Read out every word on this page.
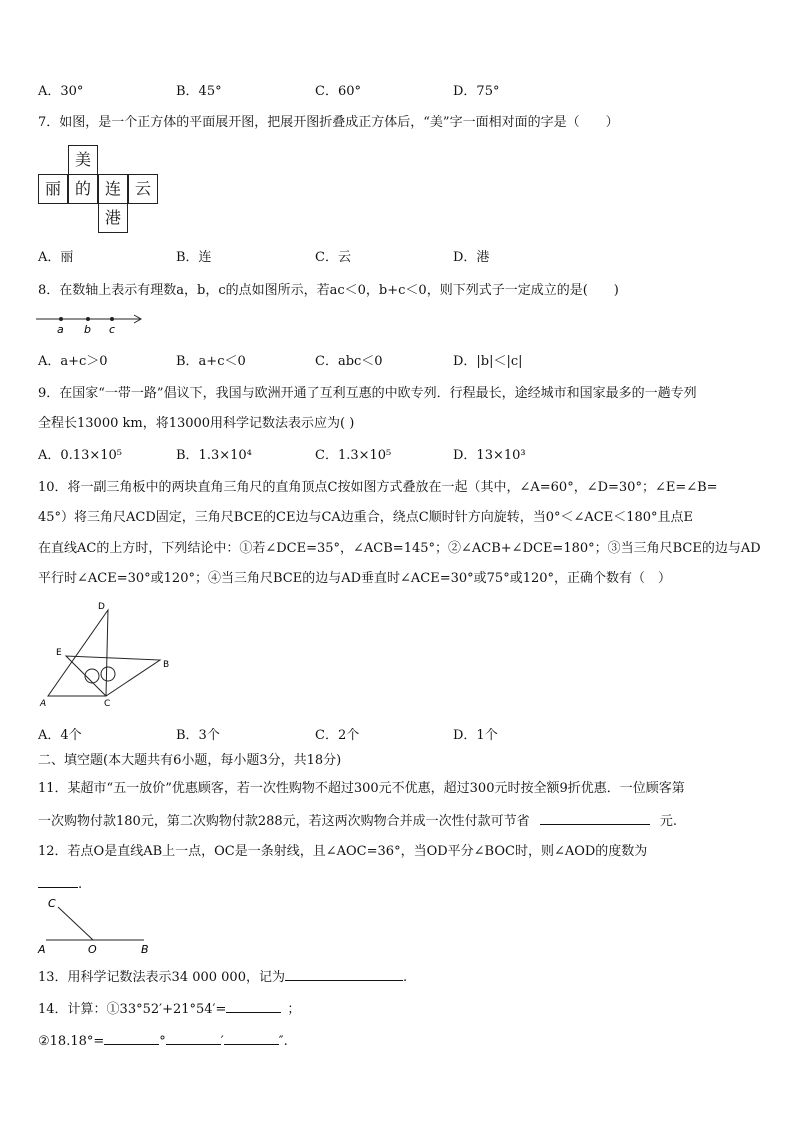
A．30°	B．45°	C．60°	D．75°
7．如图，是一个正方体的平面展开图，把展开图折叠成正方体后，“美”字一面相对面的字是（　　）
美
丽 的 连 云
港
A．丽	B．连	C．云	D．港
8．在数轴上表示有理数a，b，c的点如图所示，若ac＜0，b+c＜0，则下列式子一定成立的是(　　)
a b c
A．a+c＞0	B．a+c＜0	C．abc＜0	D．|b|＜|c|
9．在国家“一带一路”倡议下，我国与欧洲开通了互利互惠的中欧专列．行程最长，途经城市和国家最多的一趟专列
全程长13000 km，将13000用科学记数法表示应为( )
A．0.13×10⁵	B．1.3×10⁴	C．1.3×10⁵	D．13×10³
10．将一副三角板中的两块直角三角尺的直角顶点C按如图方式叠放在一起（其中，∠A=60°，∠D=30°；∠E=∠B=
45°）将三角尺ACD固定，三角尺BCE的CE边与CA边重合，绕点C顺时针方向旋转，当0°＜∠ACE＜180°且点E
在直线AC的上方时，下列结论中：①若∠DCE=35°，∠ACB=145°；②∠ACB+∠DCE=180°；③当三角尺BCE的边与AD
平行时∠ACE=30°或120°；④当三角尺BCE的边与AD垂直时∠ACE=30°或75°或120°，正确个数有（　）
D
E
B
A	C
A．4个	B．3个	C．2个	D．1个
二、填空题(本大题共有6小题，每小题3分，共18分)
11．某超市“五一放价”优惠顾客，若一次性购物不超过300元不优惠，超过300元时按全额9折优惠．一位顾客第
一次购物付款180元，第二次购物付款288元，若这两次购物合并成一次性付款可节省	元.
12．若点O是直线AB上一点，OC是一条射线，且∠AOC=36°，当OD平分∠BOC时，则∠AOD的度数为
.
C
A	O	B
13．用科学记数法表示34 000 000，记为	.
14．计算：①33°52′+21°54′=	；
②18.18°=	°	′	″.
